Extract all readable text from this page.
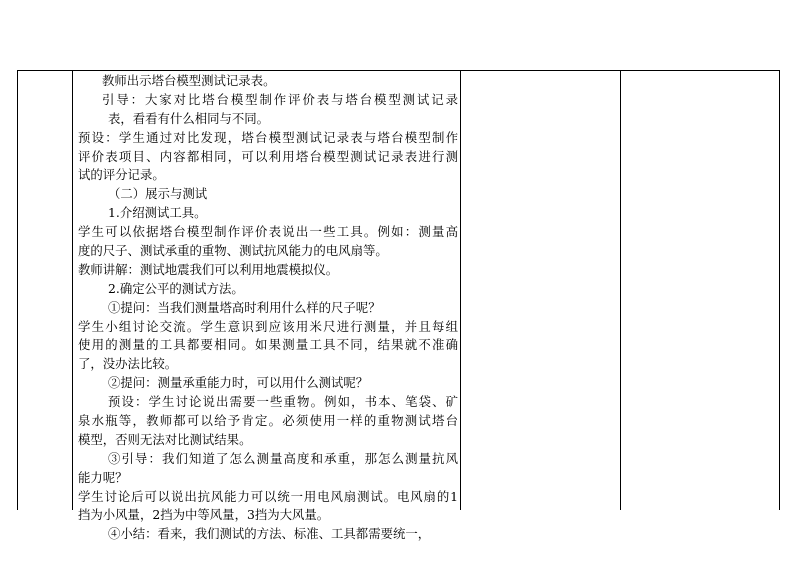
教师出示塔台模型测试记录表。
引导：大家对比塔台模型制作评价表与塔台模型测试记录
表，看看有什么相同与不同。
预设：学生通过对比发现，塔台模型测试记录表与塔台模型制作
评价表项目、内容都相同，可以利用塔台模型测试记录表进行测
试的评分记录。
（二）展示与测试
1.介绍测试工具。
学生可以依据塔台模型制作评价表说出一些工具。例如：测量高
度的尺子、测试承重的重物、测试抗风能力的电风扇等。
教师讲解：测试地震我们可以利用地震模拟仪。
2.确定公平的测试方法。
①提问：当我们测量塔高时利用什么样的尺子呢？
学生小组讨论交流。学生意识到应该用米尺进行测量，并且每组
使用的测量的工具都要相同。如果测量工具不同，结果就不准确
了，没办法比较。
②提问：测量承重能力时，可以用什么测试呢？
预设：学生讨论说出需要一些重物。例如，书本、笔袋、矿
泉水瓶等，教师都可以给予肯定。必须使用一样的重物测试塔台
模型，否则无法对比测试结果。
③引导：我们知道了怎么测量高度和承重，那怎么测量抗风
能力呢？
学生讨论后可以说出抗风能力可以统一用电风扇测试。电风扇的1
挡为小风量，2挡为中等风量，3挡为大风量。
④小结：看来，我们测试的方法、标准、工具都需要统一，
